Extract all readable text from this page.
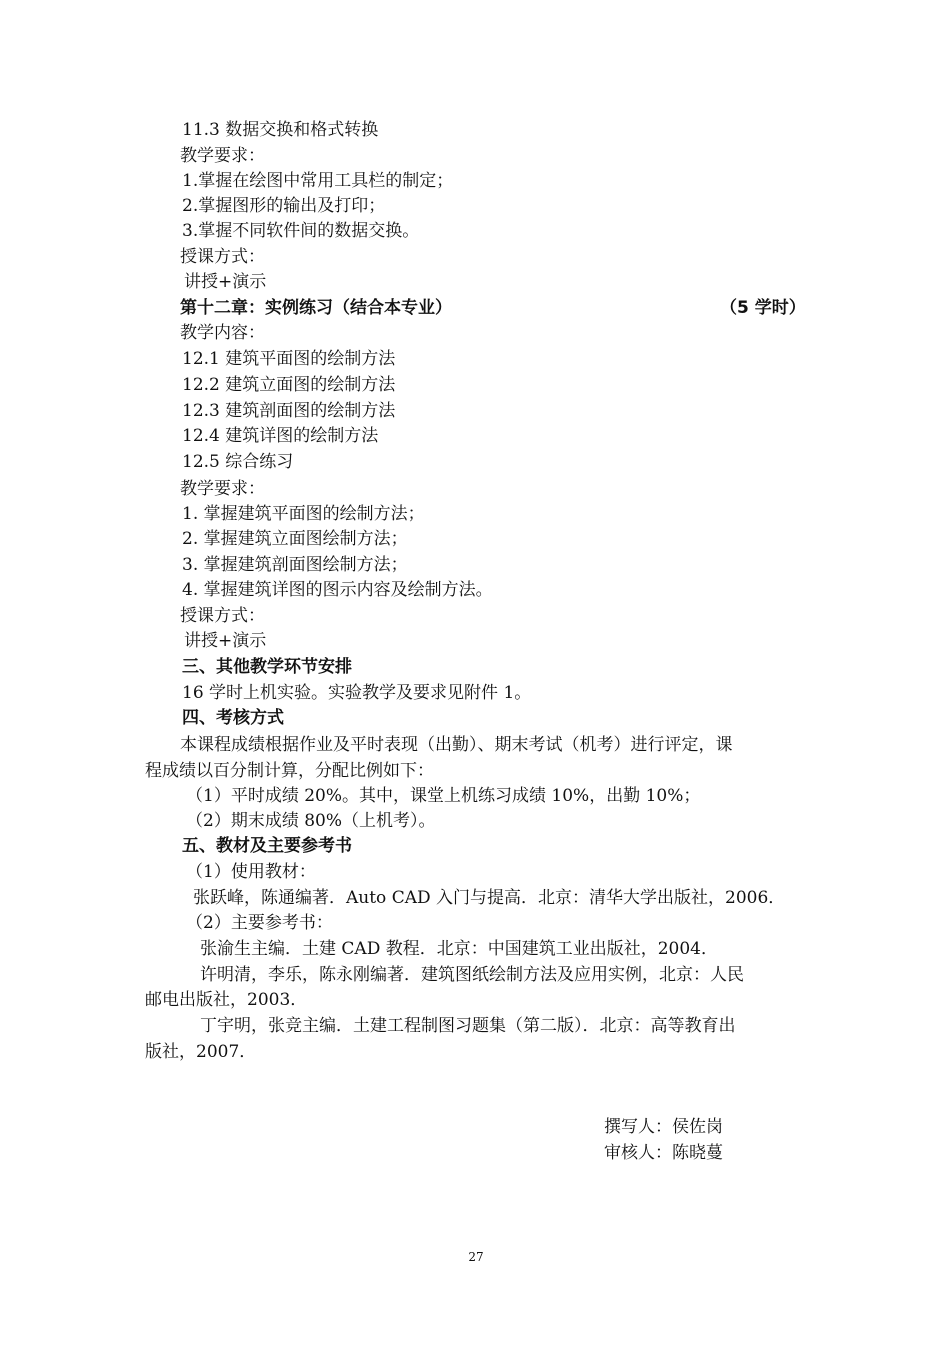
11.3 数据交换和格式转换
教学要求：
1.掌握在绘图中常用工具栏的制定；
2.掌握图形的输出及打印；
3.掌握不同软件间的数据交换。
授课方式：
讲授+演示
第十二章：实例练习（结合本专业）	（5 学时）
教学内容：
12.1 建筑平面图的绘制方法
12.2 建筑立面图的绘制方法
12.3 建筑剖面图的绘制方法
12.4 建筑详图的绘制方法
12.5 综合练习
教学要求：
1. 掌握建筑平面图的绘制方法；
2. 掌握建筑立面图绘制方法；
3. 掌握建筑剖面图绘制方法；
4. 掌握建筑详图的图示内容及绘制方法。
授课方式：
讲授+演示
三、其他教学环节安排
16 学时上机实验。实验教学及要求见附件 1。
四、考核方式
本课程成绩根据作业及平时表现（出勤）、期末考试（机考）进行评定，课
程成绩以百分制计算，分配比例如下：
（1）平时成绩 20%。其中，课堂上机练习成绩 10%，出勤 10%；
（2）期末成绩 80%（上机考）。
五、教材及主要参考书
（1）使用教材：
张跃峰，陈通编著．Auto CAD 入门与提高．北京：清华大学出版社，2006．
（2）主要参考书：
张渝生主编．土建 CAD 教程．北京：中国建筑工业出版社，2004．
许明清，李乐，陈永刚编著．建筑图纸绘制方法及应用实例，北京：人民
邮电出版社，2003．
丁宇明，张竞主编．土建工程制图习题集（第二版）．北京：高等教育出
版社，2007．
撰写人：侯佐岗
审核人：陈晓蔓
27
